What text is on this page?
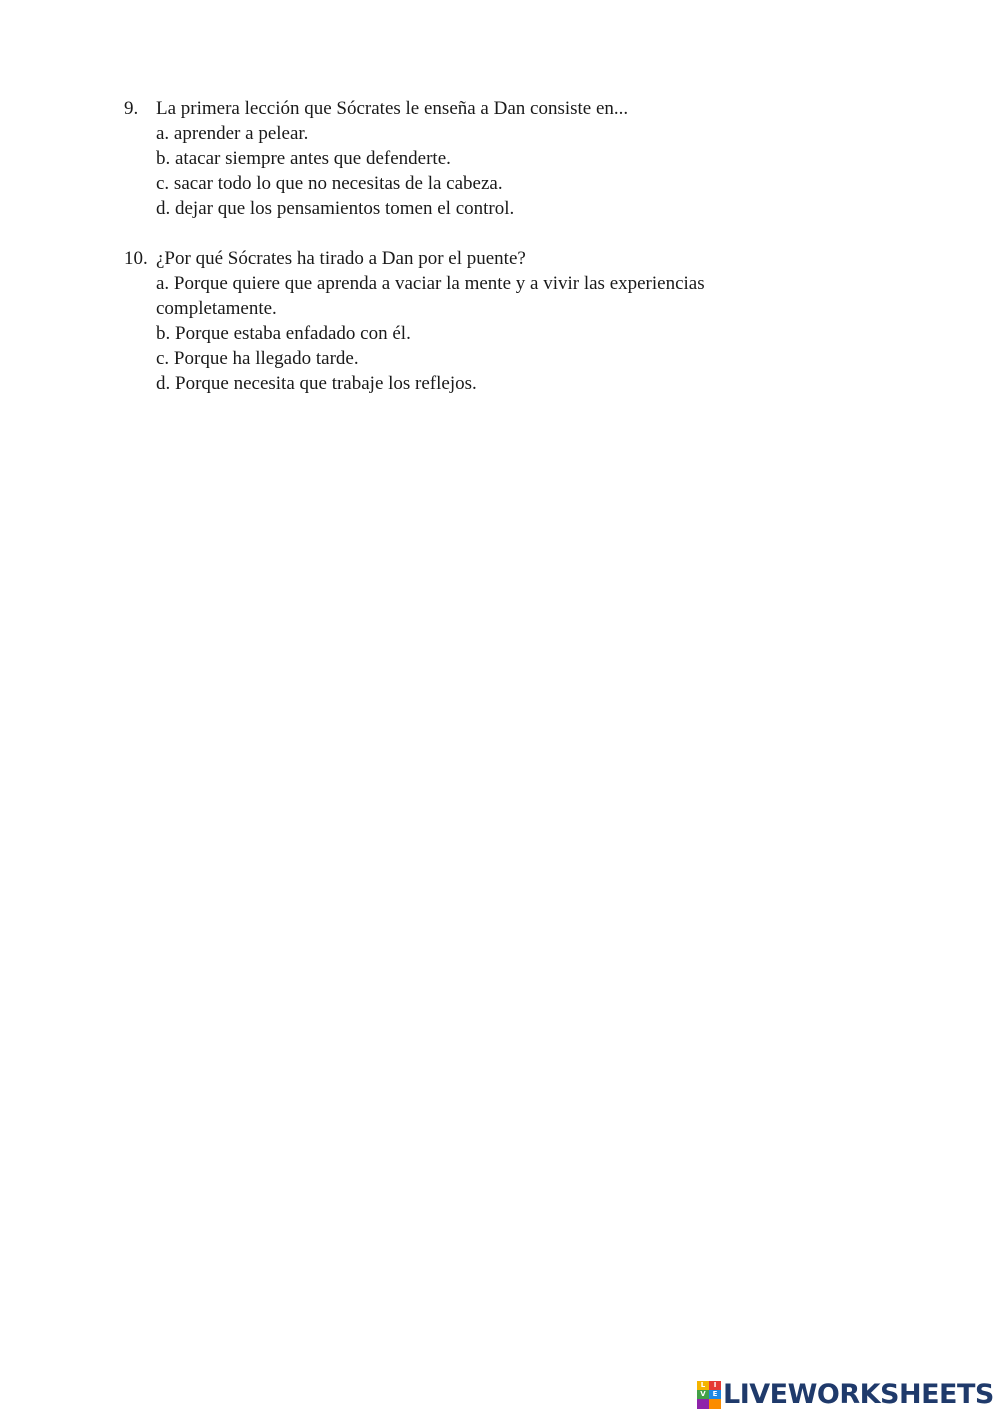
9. La primera lección que Sócrates le enseña a Dan consiste en...
a. aprender a pelear.
b. atacar siempre antes que defenderte.
c. sacar todo lo que no necesitas de la cabeza.
d. dejar que los pensamientos tomen el control.
10. ¿Por qué Sócrates ha tirado a Dan por el puente?
a. Porque quiere que aprenda a vaciar la mente y a vivir las experiencias completamente.
b. Porque estaba enfadado con él.
c. Porque ha llegado tarde.
d. Porque necesita que trabaje los reflejos.
L	I
V E LIVEWORKSHEETS
